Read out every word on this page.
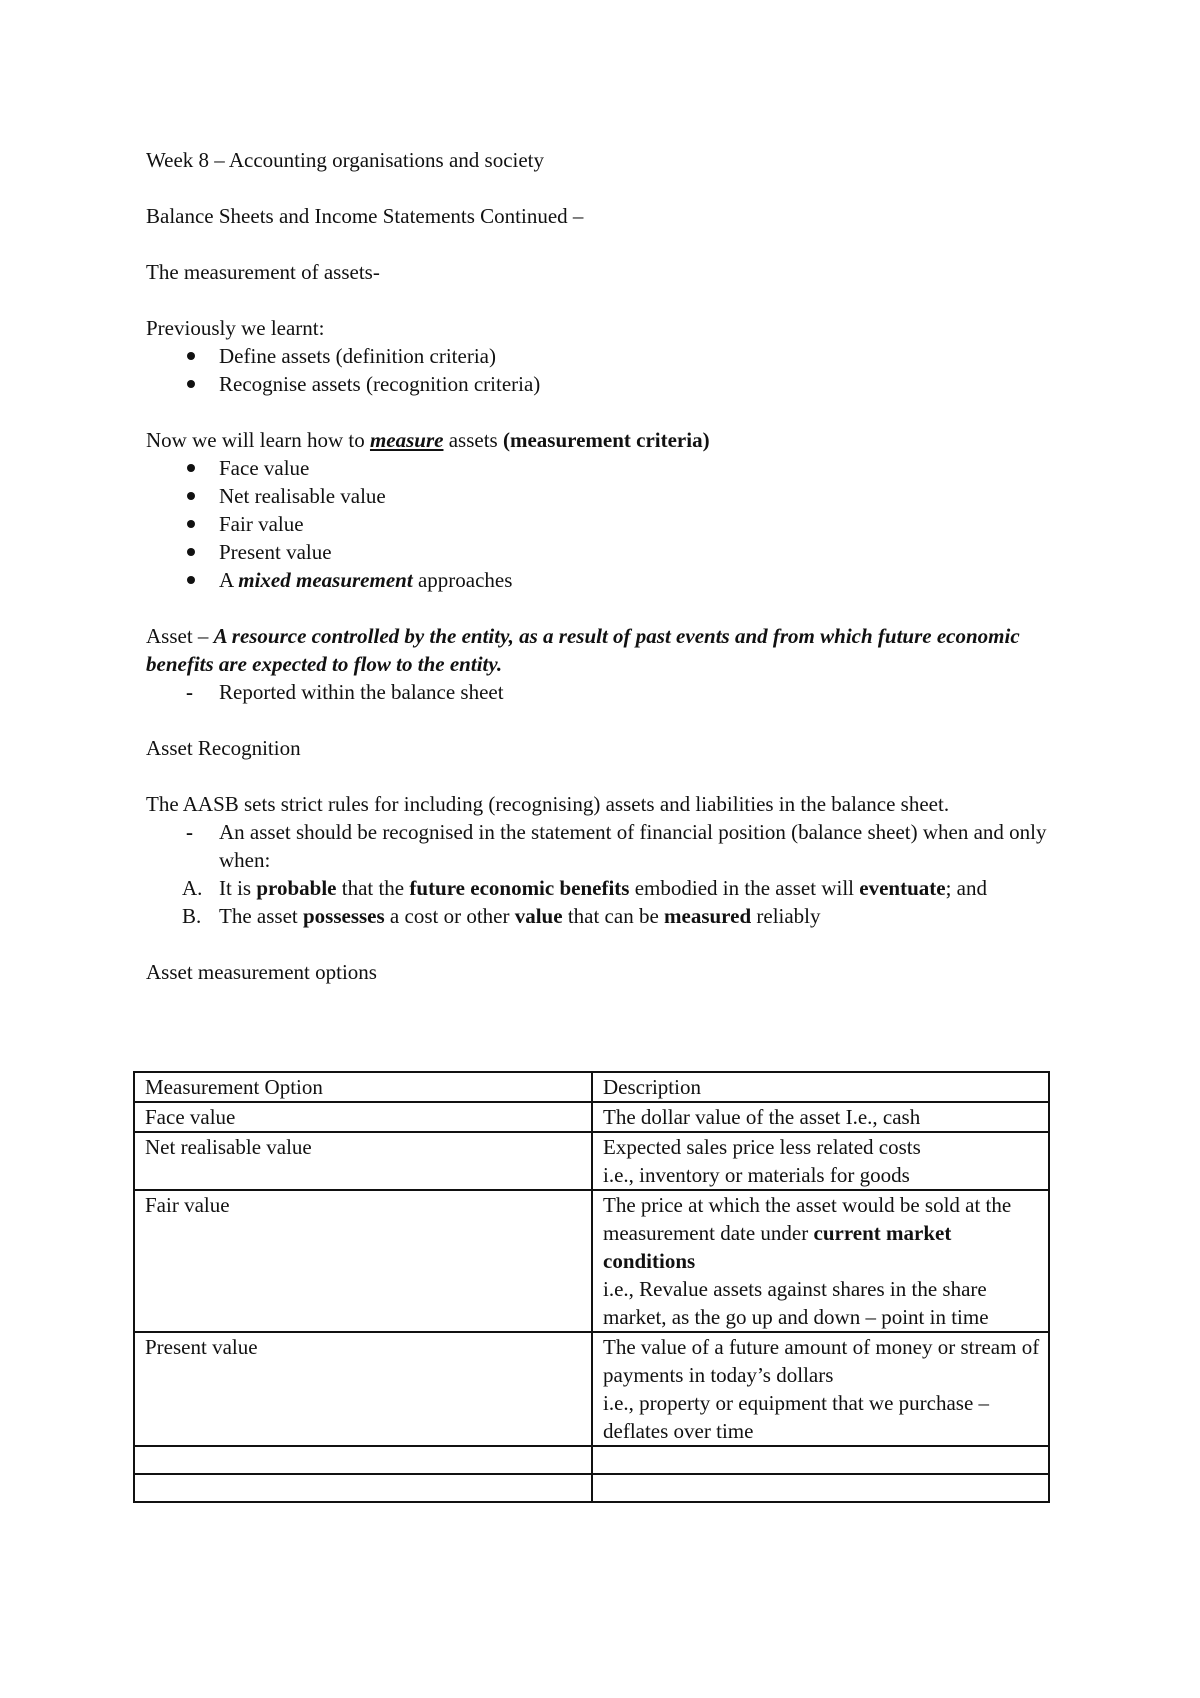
Week 8 – Accounting organisations and society

Balance Sheets and Income Statements Continued –

The measurement of assets-

Previously we learnt:

Define assets (definition criteria)
Recognise assets (recognition criteria)

Now we will learn how to measure assets (measurement criteria)

Face value
Net realisable value
Fair value
Present value
A mixed measurement approaches

Asset – A resource controlled by the entity, as a result of past events and from which future economic benefits are expected to flow to the entity.

- Reported within the balance sheet

Asset Recognition

The AASB sets strict rules for including (recognising) assets and liabilities in the balance sheet.

- An asset should be recognised in the statement of financial position (balance sheet) when and only when:
A. It is probable that the future economic benefits embodied in the asset will eventuate; and
B. The asset possesses a cost or other value that can be measured reliably

Asset measurement options

Measurement Option	Description
Face value	The dollar value of the asset I.e., cash
Net realisable value	Expected sales price less related costs
i.e., inventory or materials for goods

Fair value	The price at which the asset would be sold at the measurement date under current market conditions
i.e., Revalue assets against shares in the share market, as the go up and down – point in time

Present value	The value of a future amount of money or stream of payments in today’s dollars
i.e., property or equipment that we purchase – deflates over time
